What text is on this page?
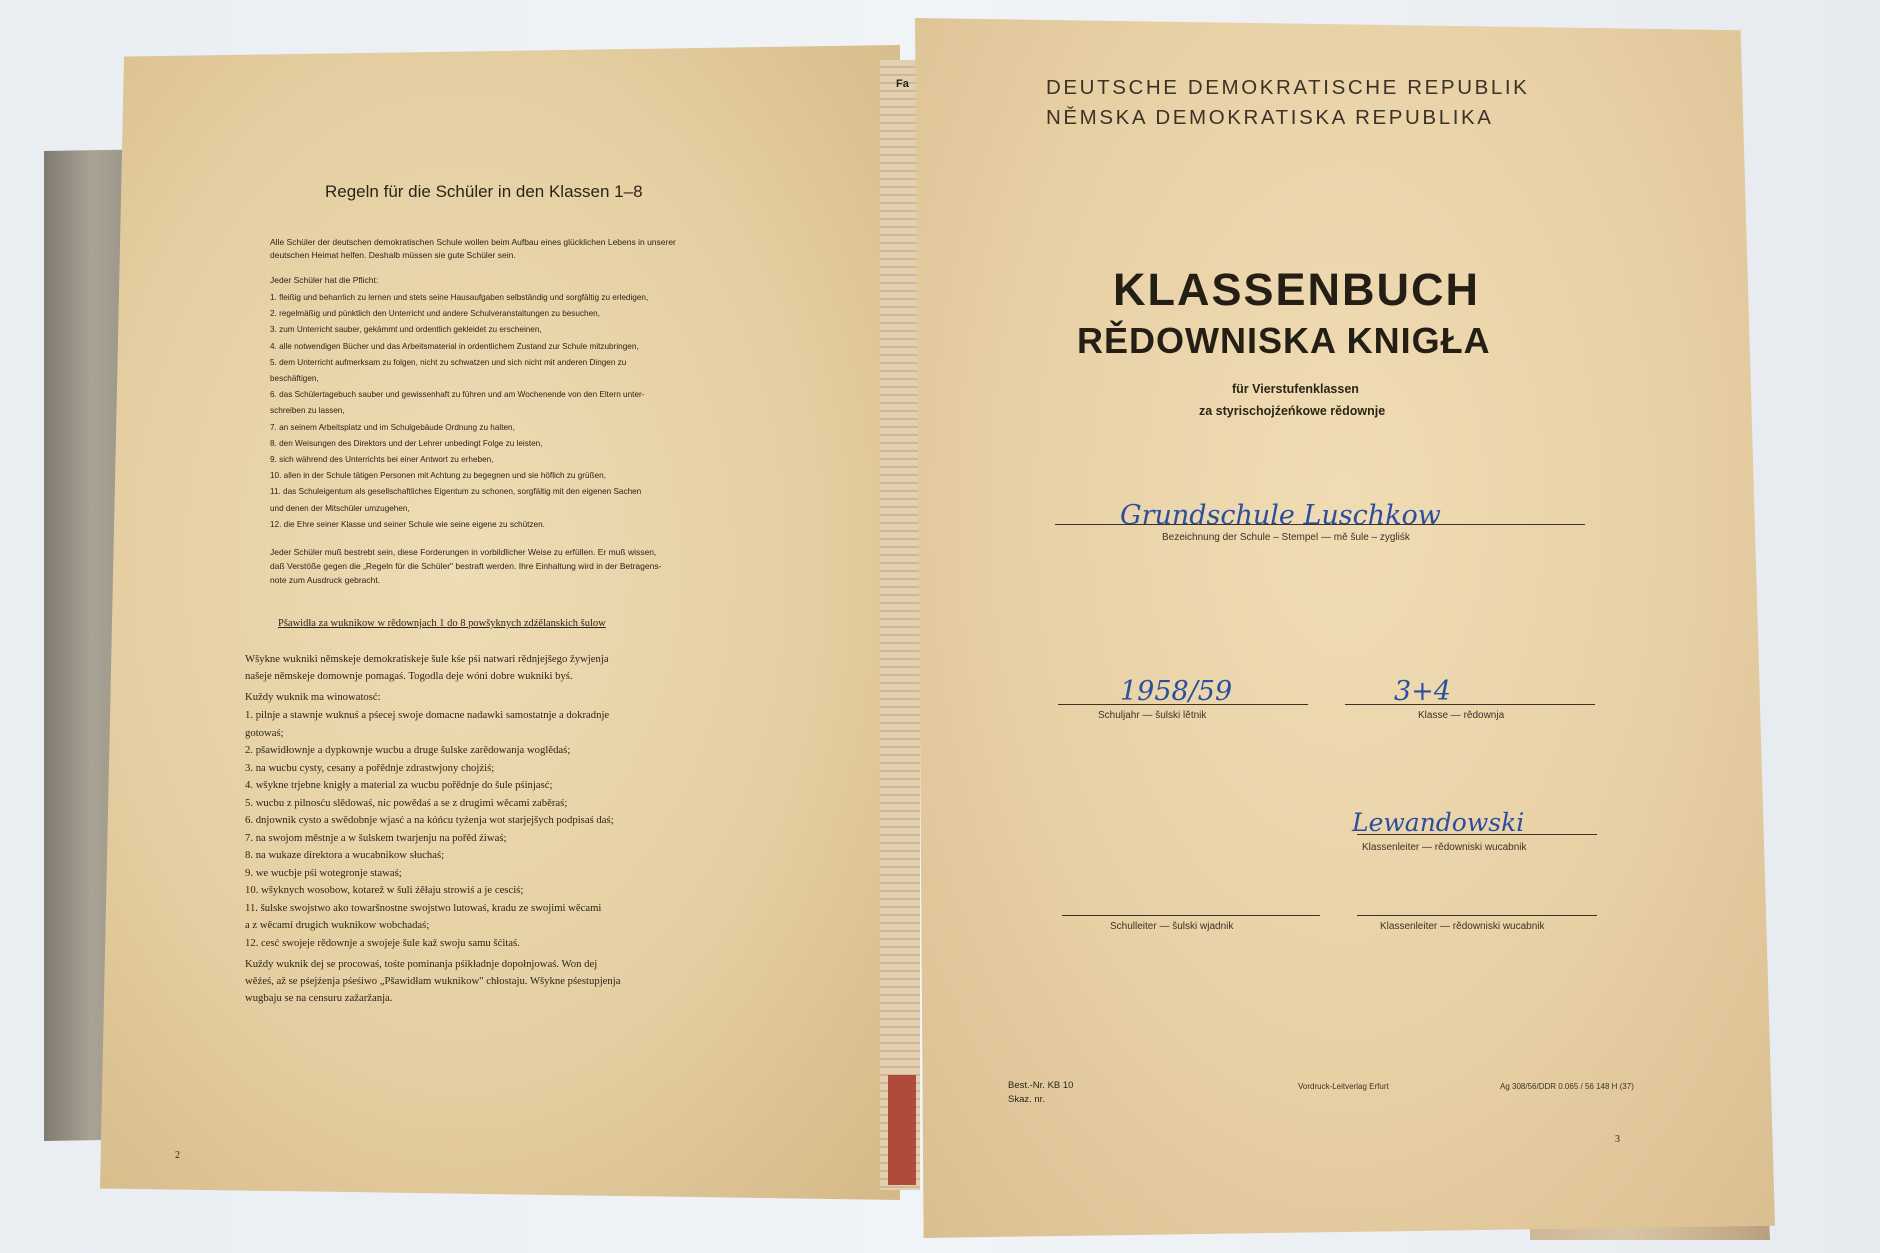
Regeln für die Schüler in den Klassen 1–8
Alle Schüler der deutschen demokratischen Schule wollen beim Aufbau eines glücklichen Lebens in unserer
deutschen Heimat helfen. Deshalb müssen sie gute Schüler sein.
Jeder Schüler hat die Pflicht:
1. fleißig und beharrlich zu lernen und stets seine Hausaufgaben selbständig und sorgfältig zu erledigen,
2. regelmäßig und pünktlich den Unterricht und andere Schulveranstaltungen zu besuchen,
3. zum Unterricht sauber, gekämmt und ordentlich gekleidet zu erscheinen,
4. alle notwendigen Bücher und das Arbeitsmaterial in ordentlichem Zustand zur Schule mitzubringen,
5. dem Unterricht aufmerksam zu folgen, nicht zu schwatzen und sich nicht mit anderen Dingen zu
beschäftigen,
6. das Schülertagebuch sauber und gewissenhaft zu führen und am Wochenende von den Eltern unter-
schreiben zu lassen,
7. an seinem Arbeitsplatz und im Schulgebäude Ordnung zu halten,
8. den Weisungen des Direktors und der Lehrer unbedingt Folge zu leisten,
9. sich während des Unterrichts bei einer Antwort zu erheben,
10. allen in der Schule tätigen Personen mit Achtung zu begegnen und sie höflich zu grüßen,
11. das Schuleigentum als gesellschaftliches Eigentum zu schonen, sorgfältig mit den eigenen Sachen
und denen der Mitschüler umzugehen,
12. die Ehre seiner Klasse und seiner Schule wie seine eigene zu schützen.
Jeder Schüler muß bestrebt sein, diese Forderungen in vorbildlicher Weise zu erfüllen. Er muß wissen,
daß Verstöße gegen die „Regeln für die Schüler" bestraft werden. Ihre Einhaltung wird in der Betragens-
note zum Ausdruck gebracht.
Pšawidła za wuknikow w rědownjach 1 do 8 powšyknych zdźělanskich šulow
Wšykne wukniki němskeje demokratiskeje šule kśe pśi natwari rědnjejšego žywjenja
našeje němskeje domownje pomagaś. Togodla deje wóni dobre wukniki byś.
Kuždy wuknik ma winowatosć:
1. pilnje a stawnje wuknuś a pśecej swoje domacne nadawki samostatnje a dokradnje
gotowaś;
2. pšawidłownje a dypkownje wucbu a druge šulske zarědowanja woglědaś;
3. na wucbu cysty, cesany a pořědnje zdrastwjony chojźiś;
4. wšykne trjebne knigły a material za wucbu pořědnje do šule pśinjasć;
5. wucbu z pilnosću slědowaś, nic powědaś a se z drugimi wěcami zaběraś;
6. dnjownik cysto a swědobnje wjasć a na kóńcu tyźenja wot starjejšych podpisaś daś;
7. na swojom městnje a w šulskem twarjenju na pořěd źiwaś;
8. na wukaze direktora a wucabnikow słuchaś;
9. we wucbje pśi wotegronje stawaś;
10. wšyknych wosobow, kotarež w šuli źěłaju strowiś a je cesciś;
11. šulske swojstwo ako towaršnostne swojstwo lutowaś, kradu ze swojimi wěcami
a z wěcami drugich wuknikow wobchadaś;
12. cesć swojeje rědownje a swojeje šule kaž swoju samu šćitaś.
Kuždy wuknik dej se procowaś, tośte pominanja pśikładnje dopołnjowaś. Won dej
wěźeś, až se pśejźenja pśeśiwo „Pšawidłam wuknikow" chłostaju. Wšykne pśestupjenja
wugbaju se na censuru zažaržanja.
2
Fa	DEUTSCHE DEMOKRATISCHE REPUBLIK
NĚMSKA DEMOKRATISKA REPUBLIKA
KLASSENBUCH
RĚDOWNISKA KNIGŁA
für Vierstufenklassen
za styrischojźeńkowe rědownje
Grundschule Luschkow
Bezeichnung der Schule – Stempel — mě šule – zygliśk
1958/59
Schuljahr — šulski lětnik
3+4
Klasse — rědownja
Lewandowski
Klassenleiter — rědowniski wucabnik
Schulleiter — šulski wjadnik	Klassenleiter — rědowniski wucabnik
Best.-Nr. KB 10
Skaz. nr.
Vordruck-Leitverlag Erfurt	Ag 308/56/DDR 0.065 / 56 148 H (37)
3
